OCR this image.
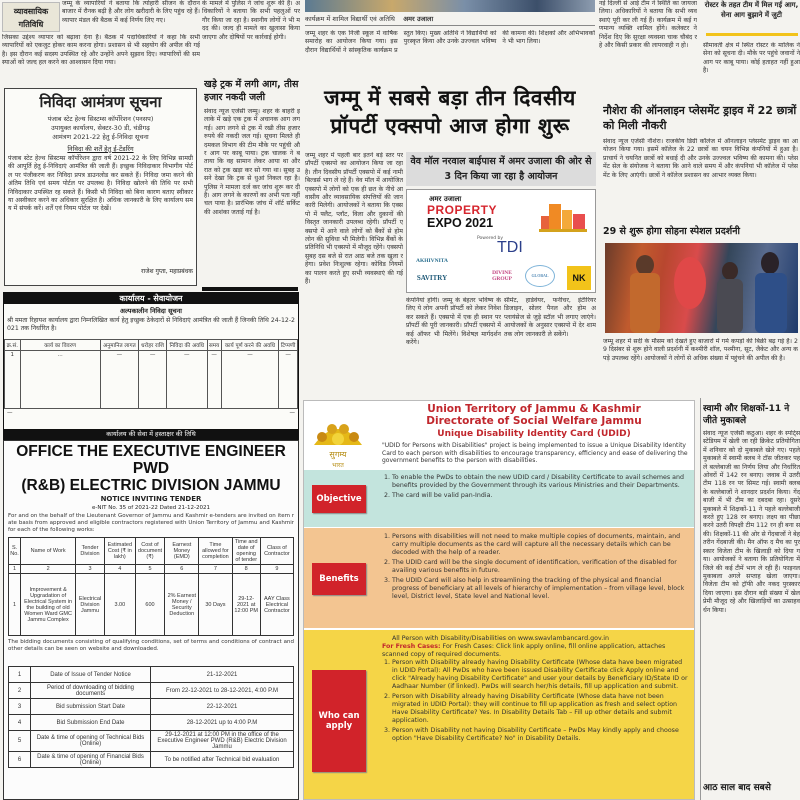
व्यावसायिक गतिविधि
जम्मू के व्यापारियों ने बताया कि त्योहारी सीजन के दौरान बाजार में रौनक बढ़ी है और लोग खरीदारी के लिए पहुंच रहे हैं। व्यापार मंडल की बैठक में कई निर्णय लिए गए।
जिसका उद्देश्य व्यापार को बढ़ावा देना है। बैठक में पदाधिकारियों ने कहा कि सभी व्यापारियों को एकजुट होकर काम करना होगा। प्रशासन से भी सहयोग की अपील की गई है। इस दौरान कई सदस्य उपस्थित रहे और उन्होंने अपने सुझाव दिए। व्यापारियों की समस्याओं को जल्द हल करने का आश्वासन दिया गया।
निविदा आमंत्रण सूचना
पंजाब स्टेट हेल्थ सिस्टम्स कॉर्पोरेशन (पनसप)
उपायुक्त कार्यालय, सेक्टर-30 डी, चंडीगढ़
आमंत्रण 2021-22 हेतु ई-निविदा सूचना
निविदा की शर्तें हेतु ई-टेंडरिंग
पंजाब स्टेट हेल्थ सिस्टम्स कॉर्पोरेशन द्वारा वर्ष 2021-22 के लिए विभिन्न सामग्री की आपूर्ति हेतु ई-निविदाएं आमंत्रित की जाती हैं। इच्छुक निविदाकार विभागीय पोर्टल पर पंजीकरण कर निविदा प्रपत्र डाउनलोड कर सकते हैं। निविदा जमा करने की अंतिम तिथि एवं समय पोर्टल पर उपलब्ध है। निविदा खोलने की तिथि पर सभी निविदाकार उपस्थित रह सकते हैं। किसी भी निविदा को बिना कारण बताए स्वीकार या अस्वीकार करने का अधिकार सुरक्षित है। अधिक जानकारी के लिए कार्यालय समय में संपर्क करें। शर्तें एवं नियम पोर्टल पर देखें।
राजेश गुप्ता, महाप्रबंधक
कार्यालय - सेवायोजन
अल्पकालीन निविदा सूचना
श्री ममता रिहायश कार्यालय द्वारा निम्नलिखित कार्य हेतु इच्छुक ठेकेदारों से निविदाएं आमंत्रित की जाती हैं जिनकी तिथि 24-12-2021 तक निर्धारित है।
क्र.सं.	कार्य का विवरण	अनुमानित लागत	धरोहर राशि	निविदा की अवधि	समय	कार्य पूर्ण करने की अवधि	टिप्पणी
1	...	—	—	—	—	—	—
—	—
कार्यालय की सेवा में हस्ताक्षर की तिथि
OFFICE THE EXECUTIVE ENGINEER PWD
(R&B) ELECTRIC DIVISION JAMMU
NOTICE INVITING TENDER
e-NIT No. 35 of 2021-22 Dated 21-12-2021
For and on the behalf of the Lieutenant Governor of Jammu and Kashmir e-tenders are invited on item rate basis from approved and eligible contractors registered with Union Territory of Jammu and Kashmir for each of the following works:
S. No.	Name of Work	Tender Division	Estimated Cost (₹ in lakh)	Cost of document (₹)	Earnest Money (EMD)	Time allowed for completion	Time and date of opening of tender	Class of Contractor
1	2	3	4	5	6	7	8	9
1	Improvement & Upgradation of Electrical System in the building of old Women Ward GMC Jammu Complex	Electrical Division Jammu	3.00	600	2% Earnest Money / Security Deduction	30 Days	29-12-2021 at 12:00 PM	AAY Class Electrical Contractor
The bidding documents consisting of qualifying conditions, set of terms and conditions of contract and other details can be seen on website and downloaded.
1	Date of Issue of Tender Notice	21-12-2021
2	Period of downloading of bidding documents	From 22-12-2021 to 28-12-2021, 4:00 P.M
3	Bid submission Start Date	22-12-2021
4	Bid Submission End Date	28-12-2021 up to 4:00 P.M
5	Date & time of opening of Technical Bids (Online)	29-12-2021 at 12:00 PM in the office of the Executive Engineer PWD (R&B) Electric Division Jammu
6	Date & time of opening of Financial Bids (Online)	To be notified after Technical bid evaluation
के मामले में पुलिस ने जांच शुरू की है। अधिकारियों ने बताया कि सभी पहलुओं पर गौर किया जा रहा है। स्थानीय लोगों ने भी मदद की। जल्द ही मामले का खुलासा किया जाएगा और दोषियों पर कार्रवाई होगी।
खड़े ट्रक में लगी आग, तीस हजार नकदी जली
संवाद न्यूज एजेंसी जम्मू। शहर के बाहरी इलाके में खड़े एक ट्रक में अचानक आग लग गई। आग लगने से ट्रक में रखी तीस हजार रुपये की नकदी जल गई। सूचना मिलते ही दमकल विभाग की टीम मौके पर पहुंची और आग पर काबू पाया। ट्रक चालक ने बताया कि वह सामान लेकर आया था और रात को ट्रक खड़ा कर सो गया था। सुबह उसने देखा कि ट्रक से धुआं निकल रहा है। पुलिस ने मामला दर्ज कर जांच शुरू कर दी है। आग लगने के कारणों का अभी पता नहीं चल पाया है। प्रारंभिक जांच में शॉर्ट सर्किट की आशंका जताई गई है।
कार्यक्रम में शामिल विद्यार्थी एवं अतिथि अमर उजाला
जम्मू शहर के एक निजी स्कूल में वार्षिक समारोह का आयोजन किया गया। इस दौरान विद्यार्थियों ने सांस्कृतिक कार्यक्रम प्रस्तुत किए। मुख्य अतिथि ने विद्यार्थियों को पुरस्कृत किया और उनके उज्ज्वल भविष्य की कामना की। शिक्षकों और अभिभावकों ने भी भाग लिया।
जम्मू में सबसे बड़ा तीन दिवसीय
प्रॉपर्टी एक्सपो आज होगा शुरू
जम्मू शहर में पहली बार इतने बड़े स्तर पर प्रॉपर्टी एक्सपो का आयोजन किया जा रहा है। तीन दिवसीय प्रॉपर्टी एक्सपो में कई नामी बिल्डर्स भाग ले रहे हैं। वेव मॉल में आयोजित एक्सपो में लोगों को एक ही छत के नीचे आवासीय और व्यावसायिक संपत्तियों की जानकारी मिलेगी। आयोजकों ने बताया कि एक्सपो में फ्लैट, प्लॉट, विला और दुकानों की विस्तृत जानकारी उपलब्ध रहेगी। प्रॉपर्टी एक्सपो में आने वाले लोगों को बैंकों से होम लोन की सुविधा भी मिलेगी। विभिन्न बैंकों के प्रतिनिधि भी एक्सपो में मौजूद रहेंगे। एक्सपो सुबह दस बजे से रात आठ बजे तक खुला रहेगा। प्रवेश निःशुल्क रहेगा। कोविड नियमों का पालन करते हुए सभी व्यवस्थाएं की गई हैं।
वेव मॉल नरवाल बाईपास में अमर उजाला की ओर से 3 दिन किया जा रहा है आयोजन
अमर उजाला
PROPERTY
EXPO 2021
Powered by
TDI
AKHIVNITA
SAVITRY
DIVINE GROUP
GLOBAL	NK
कंपनियां होंगी। जम्मू के बेहतर भविष्य के लिए ये लोग अपनी प्रॉपर्टी को लेकर निवेश कर सकते हैं। एक्सपो में एक ही स्थान पर प्रॉपर्टी की पूरी जानकारी। प्रॉपर्टी एक्सपो में कई ऑफर भी मिलेंगे। विशेषज्ञ मार्गदर्शन करेंगे।
सीमेंट, हार्डवेयर, फर्नीचर, इंटीरियर डिजाइन, सोलर पैनल और होम अप्लायंसेज से जुड़े स्टॉल भी लगाए जाएंगे। आयोजकों के अनुसार एक्सपो में देर शाम तक लोग जानकारी ले सकेंगे।
सुगम्य
भारत
Union Territory of Jammu & Kashmir
Directorate of Social Welfare Jammu
Unique Disability Identity Card (UDID)
"UDID for Persons with Disabilities" project is being implemented to issue a Unique Disability Identity Card to each person with disabilities to encourage transparency, efficiency and ease of delivering the government benefits to the person with disabilities.
Objective
1. To enable the PwDs to obtain the new UDID card / Disability Certificate to avail schemes and benefits provided by the Government through its various Ministries and their Departments.
2. The card will be valid pan-India.
Benefits
1. Persons with disabilities will not need to make multiple copies of documents, maintain, and carry multiple documents as the card will capture all the necessary details which can be decoded with the help of a reader.
2. The UDID card will be the single document of identification, verification of the disabled for availing various benefits in future.
3. The UDID Card will also help in streamlining the tracking of the physical and financial progress of beneficiary at all levels of hierarchy of implementation – from village level, block level, District level, State level and National level.
Who can apply
All Person with Disability/Disabilities on www.swavlambancard.gov.in
For Fresh Cases: For Fresh Cases: Click link apply online, fill online application, attaches scanned copy of required documents.
1. Person with Disability already having Disability Certificate (Whose data have been migrated in UDID Portal): All PwDs who have been issued Disability Certificate click Apply online and click "Already having Disability Certificate" and user your details by Beneficiary ID/State ID or Aadhaar Number (if linked). PwDs will search her/his details, fill up application and submit.
2. Person with Disability already having Disability Certificate (Whose data have not been migrated in UDID Portal): they will continue to fill up application as fresh and select option Have Disability Certificate? Yes. In Disability Details Tab – Fill up other details and submit application.
3. Person with Disability not having Disability Certificate – PwDs May kindly apply and choose option "Have Disability Certificate? No" in Disability Details.
नई दिल्ली से आई टीम ने स्थिति का जायजा लिया। अधिकारियों ने बताया कि सभी व्यवस्थाएं पूरी कर ली गई हैं। कार्यक्रम में कई गणमान्य व्यक्ति शामिल होंगे। कलेक्टर ने निर्देश दिए कि सुरक्षा व्यवस्था चाक चौबंद रहे और किसी प्रकार की लापरवाही न हो।
रोस्टर के तहत टीम में मिल गई आग, सेना आग बुझाने में जुटी
सीमावर्ती क्षेत्र में स्थित रोस्टर के मालिक ने सेना को सूचना दी। मौके पर पहुंचे जवानों ने आग पर काबू पाया। कोई हताहत नहीं हुआ है।
नौशेरा की ऑनलाइन प्लेसमेंट ड्राइव में 22 छात्रों को मिली नौकरी
संवाद न्यूज एजेंसी नौशेरा। राजकीय डिग्री कॉलेज में ऑनलाइन प्लेसमेंट ड्राइव का आयोजन किया गया। इसमें कॉलेज के 22 छात्रों का चयन विभिन्न कंपनियों में हुआ है। प्राचार्य ने चयनित छात्रों को बधाई दी और उनके उज्ज्वल भविष्य की कामना की। प्लेसमेंट सेल के संयोजक ने बताया कि आने वाले समय में और कंपनियां भी कॉलेज में प्लेसमेंट के लिए आएंगी। छात्रों ने कॉलेज प्रशासन का आभार व्यक्त किया।
29 से शुरू होगा सोहना स्पेशल प्रदर्शनी
जम्मू शहर में सर्दी के मौसम को देखते हुए बाजारों में गर्म कपड़ों की बिक्री बढ़ गई है। 29 दिसंबर से शुरू होने वाली प्रदर्शनी में कश्मीरी शॉल, पश्मीना, सूट, जैकेट और अन्य कपड़े उपलब्ध रहेंगे। आयोजकों ने लोगों से अधिक संख्या में पहुंचने की अपील की है।
स्वामी और शिक्षकों-11 ने जीते मुकाबले
संवाद न्यूज एजेंसी कठुआ। शहर के स्पोर्ट्स स्टेडियम में खेली जा रही क्रिकेट प्रतियोगिता में शनिवार को दो मुकाबले खेले गए। पहले मुकाबले में स्वामी क्लब ने टॉस जीतकर पहले बल्लेबाजी का निर्णय लिया और निर्धारित ओवरों में 142 रन बनाए। जवाब में उतरी टीम 118 रन पर सिमट गई। स्वामी क्लब के बल्लेबाजों ने शानदार प्रदर्शन किया। गेंदबाजी में भी टीम का दबदबा रहा। दूसरे मुकाबले में शिक्षकों-11 ने पहले बल्लेबाजी करते हुए 128 रन बनाए। लक्ष्य का पीछा करने उतरी विपक्षी टीम 112 रन ही बना सकी। शिक्षकों-11 की ओर से गेंदबाजों ने बेहतरीन गेंदबाजी की। मैन ऑफ द मैच का पुरस्कार विजेता टीम के खिलाड़ी को दिया गया। आयोजकों ने बताया कि प्रतियोगिता में जिले की कई टीमें भाग ले रही हैं। फाइनल मुकाबला अगले सप्ताह खेला जाएगा। विजेता टीम को ट्रॉफी और नकद पुरस्कार दिया जाएगा। इस दौरान बड़ी संख्या में खेल प्रेमी मौजूद रहे और खिलाड़ियों का उत्साहवर्धन किया।
आठ साल बाद सबसे
